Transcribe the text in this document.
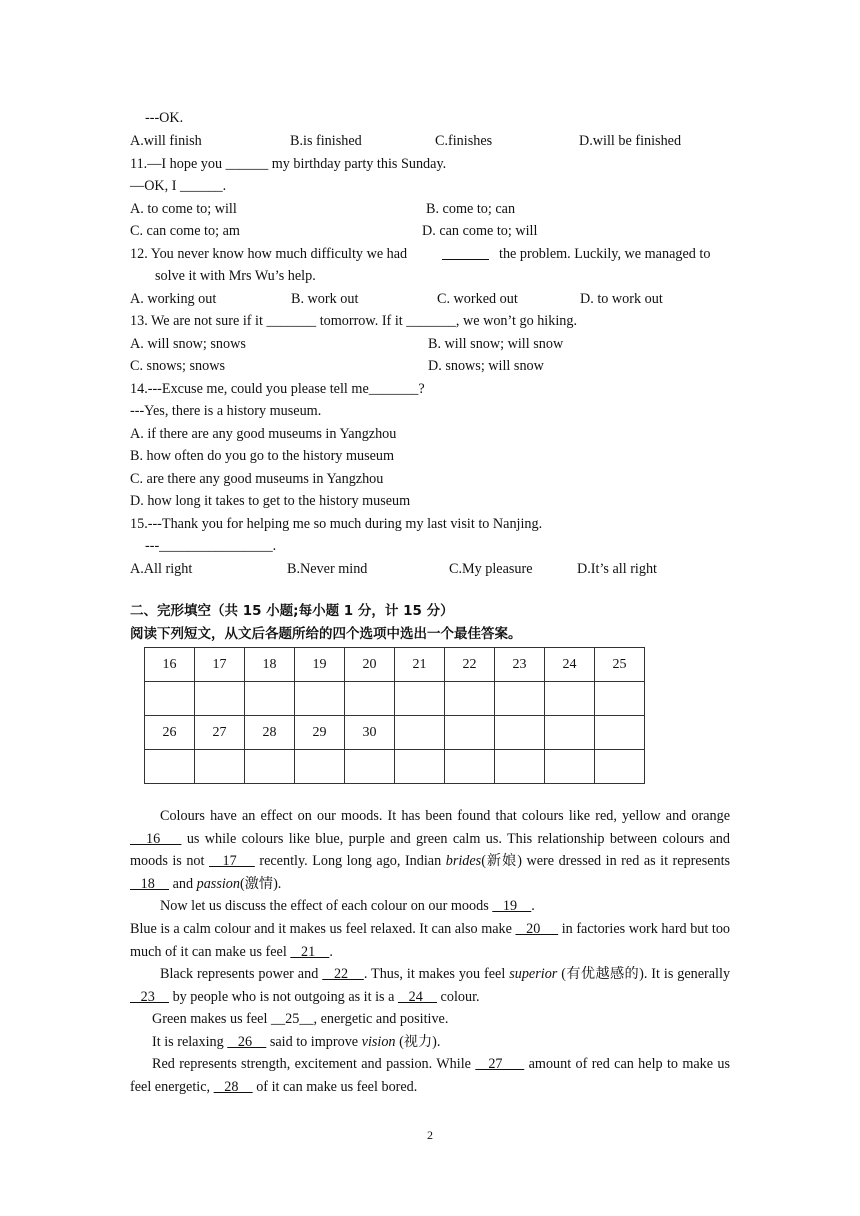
---OK.
A.will finish	B.is finished	C.finishes	D.will be finished
11.—I hope you ______ my birthday party this Sunday.
—OK, I ______.
A. to come to; will	B. come to; can
C. can come to; am	D. can come to; will
12. You never know how much difficulty we had	the problem. Luckily, we managed to
solve it with Mrs Wu’s help.
A. working out	B. work out	C. worked out	D. to work out
13. We are not sure if it _______ tomorrow. If it _______, we won’t go hiking.
A. will snow; snows	B. will snow; will snow
C. snows; snows	D. snows; will snow
14.---Excuse me, could you please tell me_______?
---Yes, there is a history museum.
A. if there are any good museums in Yangzhou
B. how often do you go to the history museum
C. are there any good museums in Yangzhou
D. how long it takes to get to the history museum
15.---Thank you for helping me so much during my last visit to Nanjing.
---________________.
A.All right	B.Never mind	C.My pleasure	D.It’s all right
二、完形填空（共 15 小题;每小题 1 分，计 15 分）
阅读下列短文，从文后各题所给的四个选项中选出一个最佳答案。
16	17	18	19	20	21	22	23	24	25

26	27	28	29	30					

Colours have an effect on our moods. It has been found that colours like red, yellow and orange    16     us while colours like blue, purple and green calm us. This relationship between colours and moods is not    17     recently. Long long ago, Indian brides(新娘) were dressed in red as it represents    18     and passion(激情).
Now let us discuss the effect of each colour on our moods    19    .
Blue is a calm colour and it makes us feel relaxed. It can also make    20      in factories work hard but too much of it can make us feel    21    .
Black represents power and    22    . Thus, it makes you feel superior (有优越感的). It is generally    23     by people who is not outgoing as it is a    24     colour.
Green makes us feel __25__, energetic and positive.
It is relaxing    26     said to improve vision (视力).
Red represents strength, excitement and passion. While    27      amount of red can help to make us feel energetic,    28     of it can make us feel bored.
2
